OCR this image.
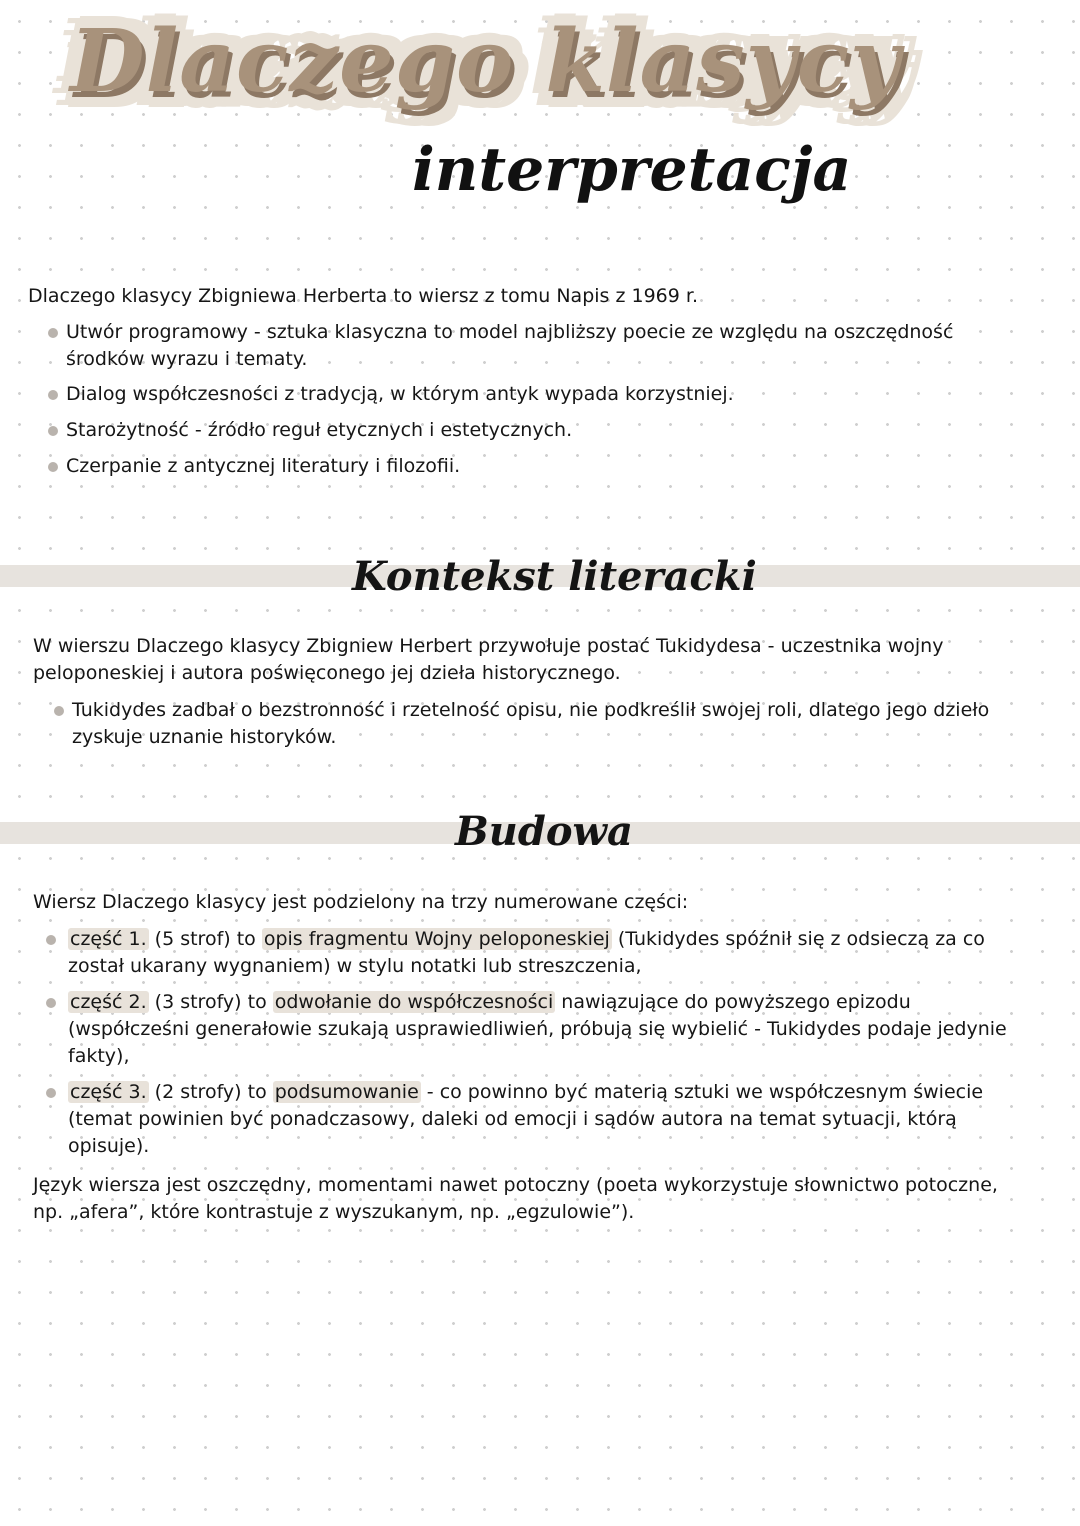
Dlaczego klasycy
interpretacja
Dlaczego klasycy Zbigniewa Herberta to wiersz z tomu Napis z 1969 r.
Utwór programowy - sztuka klasyczna to model najbliższy poecie ze względu na oszczędność środków wyrazu i tematy.
Dialog współczesności z tradycją, w którym antyk wypada korzystniej.
Starożytność - źródło reguł etycznych i estetycznych.
Czerpanie z antycznej literatury i filozofii.
Kontekst literacki
W wierszu Dlaczego klasycy Zbigniew Herbert przywołuje postać Tukidydesa - uczestnika wojny peloponeskiej i autora poświęconego jej dzieła historycznego.
Tukidydes zadbał o bezstronność i rzetelność opisu, nie podkreślił swojej roli, dlatego jego dzieło zyskuje uznanie historyków.
Budowa
Wiersz Dlaczego klasycy jest podzielony na trzy numerowane części:
część 1. (5 strof) to opis fragmentu Wojny peloponeskiej (Tukidydes spóźnił się z odsieczą za co został ukarany wygnaniem) w stylu notatki lub streszczenia,
część 2. (3 strofy) to odwołanie do współczesności nawiązujące do powyższego epizodu (współcześni generałowie szukają usprawiedliwień, próbują się wybielić - Tukidydes podaje jedynie fakty),
część 3. (2 strofy) to podsumowanie - co powinno być materią sztuki we współczesnym świecie (temat powinien być ponadczasowy, daleki od emocji i sądów autora na temat sytuacji, którą opisuje).
Język wiersza jest oszczędny, momentami nawet potoczny (poeta wykorzystuje słownictwo potoczne, np. „afera”, które kontrastuje z wyszukanym, np. „egzulowie”).
